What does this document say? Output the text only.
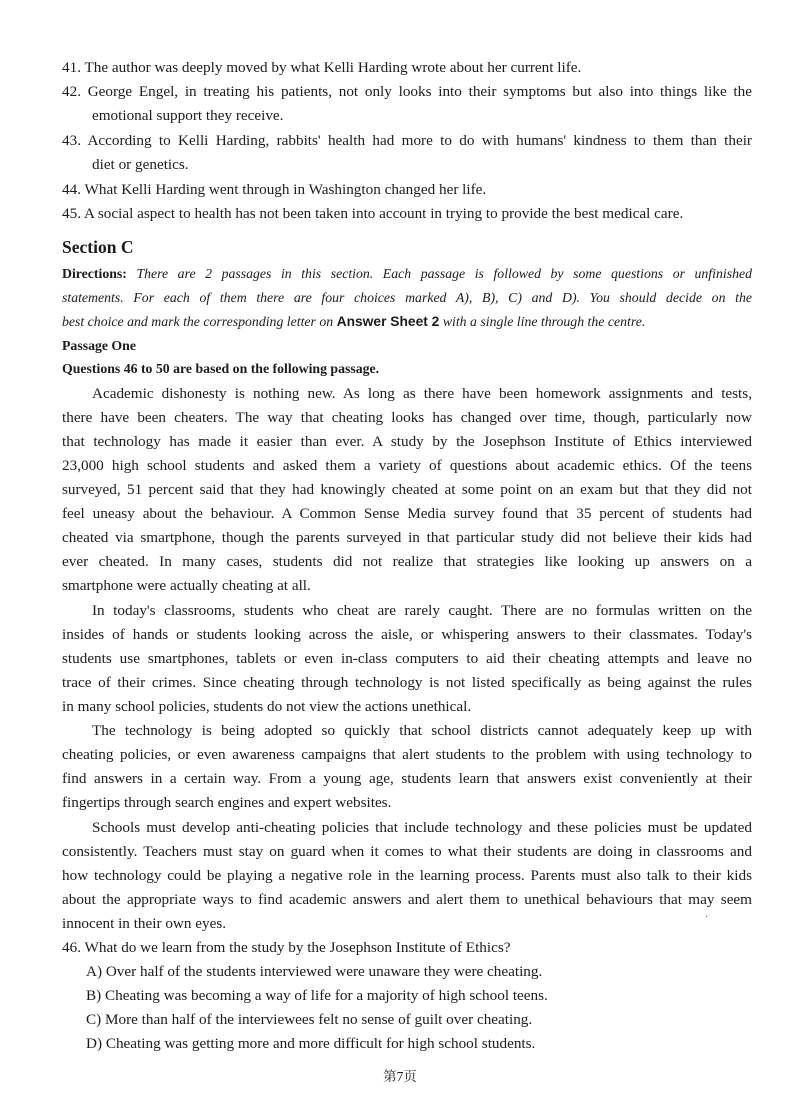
41. The author was deeply moved by what Kelli Harding wrote about her current life.
42. George Engel, in treating his patients, not only looks into their symptoms but also into things like the
emotional support they receive.
43. According to Kelli Harding, rabbits' health had more to do with humans' kindness to them than their
diet or genetics.
44. What Kelli Harding went through in Washington changed her life.
45. A social aspect to health has not been taken into account in trying to provide the best medical care.
Section C
Directions: There are 2 passages in this section. Each passage is followed by some questions or unfinished
statements. For each of them there are four choices marked A), B), C) and D). You should decide on the
best choice and mark the corresponding letter on Answer Sheet 2 with a single line through the centre.
Passage One
Questions 46 to 50 are based on the following passage.
Academic dishonesty is nothing new. As long as there have been homework assignments and tests,
there have been cheaters. The way that cheating looks has changed over time, though, particularly now
that technology has made it easier than ever. A study by the Josephson Institute of Ethics interviewed
23,000 high school students and asked them a variety of questions about academic ethics. Of the teens
surveyed, 51 percent said that they had knowingly cheated at some point on an exam but that they did not
feel uneasy about the behaviour. A Common Sense Media survey found that 35 percent of students had
cheated via smartphone, though the parents surveyed in that particular study did not believe their kids had
ever cheated. In many cases, students did not realize that strategies like looking up answers on a
smartphone were actually cheating at all.
In today's classrooms, students who cheat are rarely caught. There are no formulas written on the
insides of hands or students looking across the aisle, or whispering answers to their classmates. Today's
students use smartphones, tablets or even in-class computers to aid their cheating attempts and leave no
trace of their crimes. Since cheating through technology is not listed specifically as being against the rules
in many school policies, students do not view the actions unethical.
The technology is being adopted so quickly that school districts cannot adequately keep up with
cheating policies, or even awareness campaigns that alert students to the problem with using technology to
find answers in a certain way. From a young age, students learn that answers exist conveniently at their
fingertips through search engines and expert websites.
Schools must develop anti-cheating policies that include technology and these policies must be updated
consistently. Teachers must stay on guard when it comes to what their students are doing in classrooms and
how technology could be playing a negative role in the learning process. Parents must also talk to their kids
about the appropriate ways to find academic answers and alert them to unethical behaviours that may seem
innocent in their own eyes.	·
46. What do we learn from the study by the Josephson Institute of Ethics?
A) Over half of the students interviewed were unaware they were cheating.
B) Cheating was becoming a way of life for a majority of high school teens.
C) More than half of the interviewees felt no sense of guilt over cheating.
D) Cheating was getting more and more difficult for high school students.
第7页
